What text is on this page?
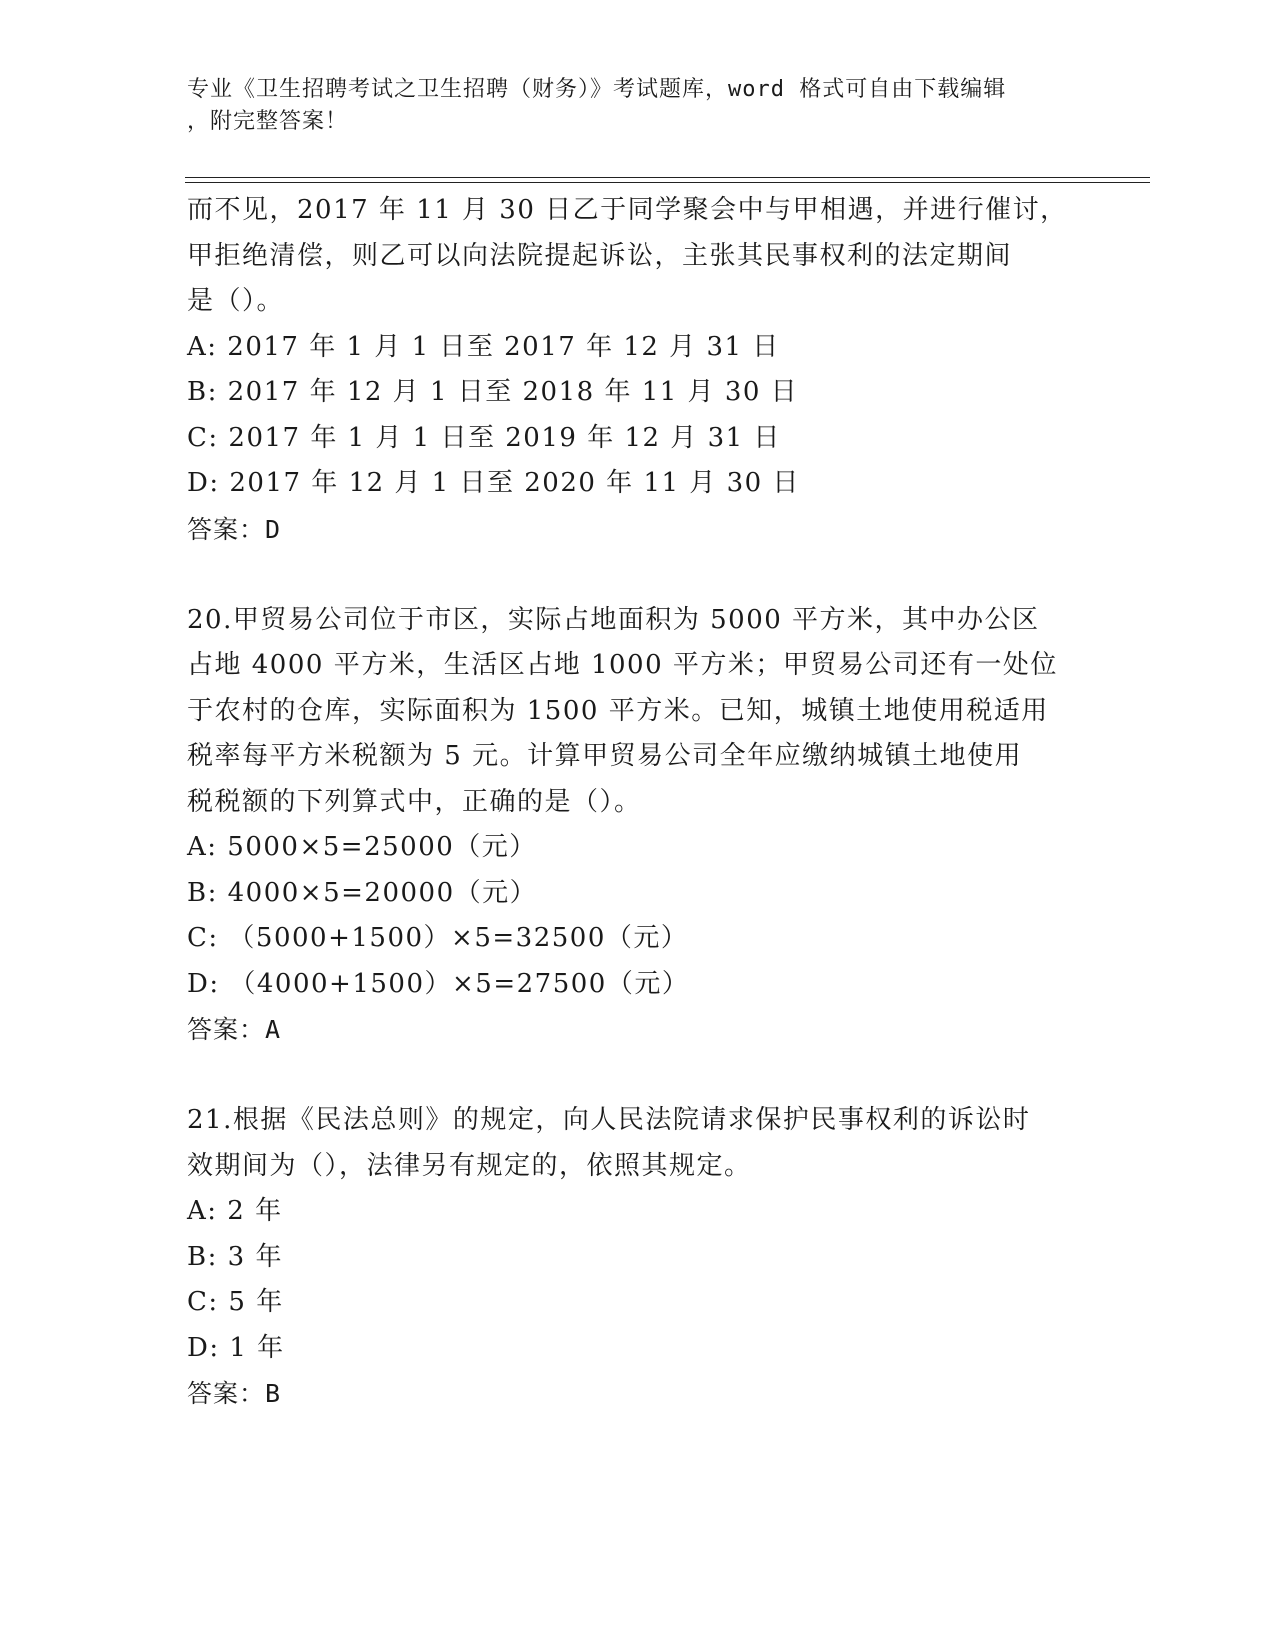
专业《卫生招聘考试之卫生招聘（财务）》考试题库，word 格式可自由下载编辑
，附完整答案！
而不见，2017 年 11 月 30 日乙于同学聚会中与甲相遇，并进行催讨，
甲拒绝清偿，则乙可以向法院提起诉讼，主张其民事权利的法定期间
是（）。
A: 2017 年 1 月 1 日至 2017 年 12 月 31 日
B: 2017 年 12 月 1 日至 2018 年 11 月 30 日
C: 2017 年 1 月 1 日至 2019 年 12 月 31 日
D: 2017 年 12 月 1 日至 2020 年 11 月 30 日
答案：D
20.甲贸易公司位于市区，实际占地面积为 5000 平方米，其中办公区
占地 4000 平方米，生活区占地 1000 平方米；甲贸易公司还有一处位
于农村的仓库，实际面积为 1500 平方米。已知，城镇土地使用税适用
税率每平方米税额为 5 元。计算甲贸易公司全年应缴纳城镇土地使用
税税额的下列算式中，正确的是（）。
A: 5000×5=25000（元）
B: 4000×5=20000（元）
C: （5000+1500）×5=32500（元）
D: （4000+1500）×5=27500（元）
答案：A
21.根据《民法总则》的规定，向人民法院请求保护民事权利的诉讼时
效期间为（），法律另有规定的，依照其规定。
A: 2 年
B: 3 年
C: 5 年
D: 1 年
答案：B
